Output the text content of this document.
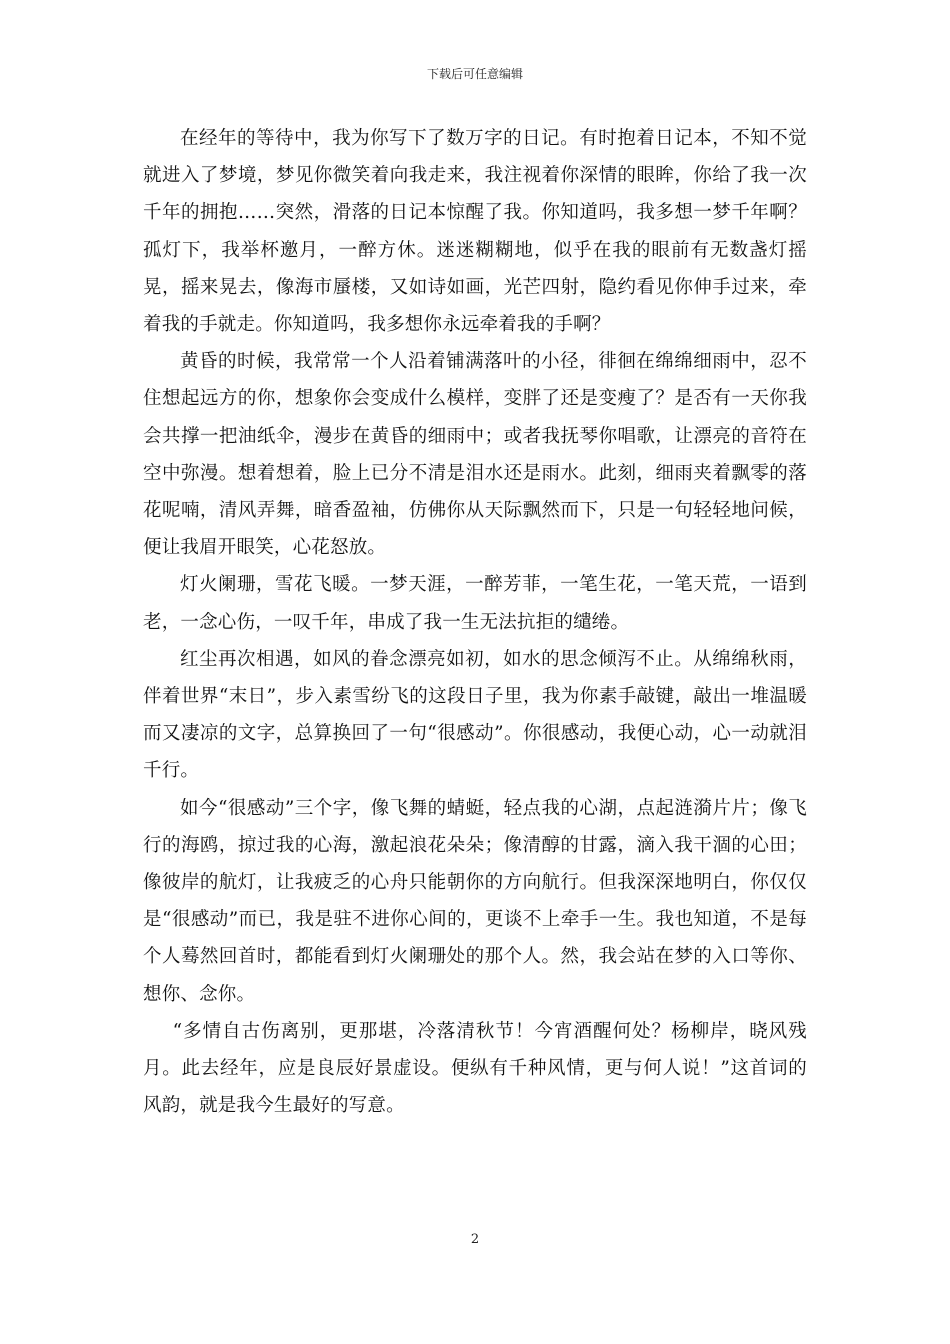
下载后可任意编辑

在经年的等待中，我为你写下了数万字的日记。有时抱着日记本，不知不觉就进入了梦境，梦见你微笑着向我走来，我注视着你深情的眼眸，你给了我一次千年的拥抱……突然，滑落的日记本惊醒了我。你知道吗，我多想一梦千年啊？孤灯下，我举杯邀月，一醉方休。迷迷糊糊地，似乎在我的眼前有无数盏灯摇晃，摇来晃去，像海市蜃楼，又如诗如画，光芒四射，隐约看见你伸手过来，牵着我的手就走。你知道吗，我多想你永远牵着我的手啊？

黄昏的时候，我常常一个人沿着铺满落叶的小径，徘徊在绵绵细雨中，忍不住想起远方的你，想象你会变成什么模样，变胖了还是变瘦了？是否有一天你我会共撑一把油纸伞，漫步在黄昏的细雨中；或者我抚琴你唱歌，让漂亮的音符在空中弥漫。想着想着，脸上已分不清是泪水还是雨水。此刻，细雨夹着飘零的落花呢喃，清风弄舞，暗香盈袖，仿佛你从天际飘然而下，只是一句轻轻地问候，便让我眉开眼笑，心花怒放。

灯火阑珊，雪花飞暖。一梦天涯，一醉芳菲，一笔生花，一笔天荒，一语到老，一念心伤，一叹千年，串成了我一生无法抗拒的缱绻。

红尘再次相遇，如风的眷念漂亮如初，如水的思念倾泻不止。从绵绵秋雨，伴着世界“末日”，步入素雪纷飞的这段日子里，我为你素手敲键，敲出一堆温暖而又凄凉的文字，总算换回了一句“很感动”。你很感动，我便心动，心一动就泪千行。

如今“很感动”三个字，像飞舞的蜻蜓，轻点我的心湖，点起涟漪片片；像飞行的海鸥，掠过我的心海，激起浪花朵朵；像清醇的甘露，滴入我干涸的心田；像彼岸的航灯，让我疲乏的心舟只能朝你的方向航行。但我深深地明白，你仅仅是“很感动”而已，我是驻不进你心间的，更谈不上牵手一生。我也知道，不是每个人蓦然回首时，都能看到灯火阑珊处的那个人。然，我会站在梦的入口等你、想你、念你。

“多情自古伤离别，更那堪，冷落清秋节！今宵酒醒何处？杨柳岸，晓风残月。此去经年，应是良辰好景虚设。便纵有千种风情，更与何人说！”这首词的风韵，就是我今生最好的写意。

2
